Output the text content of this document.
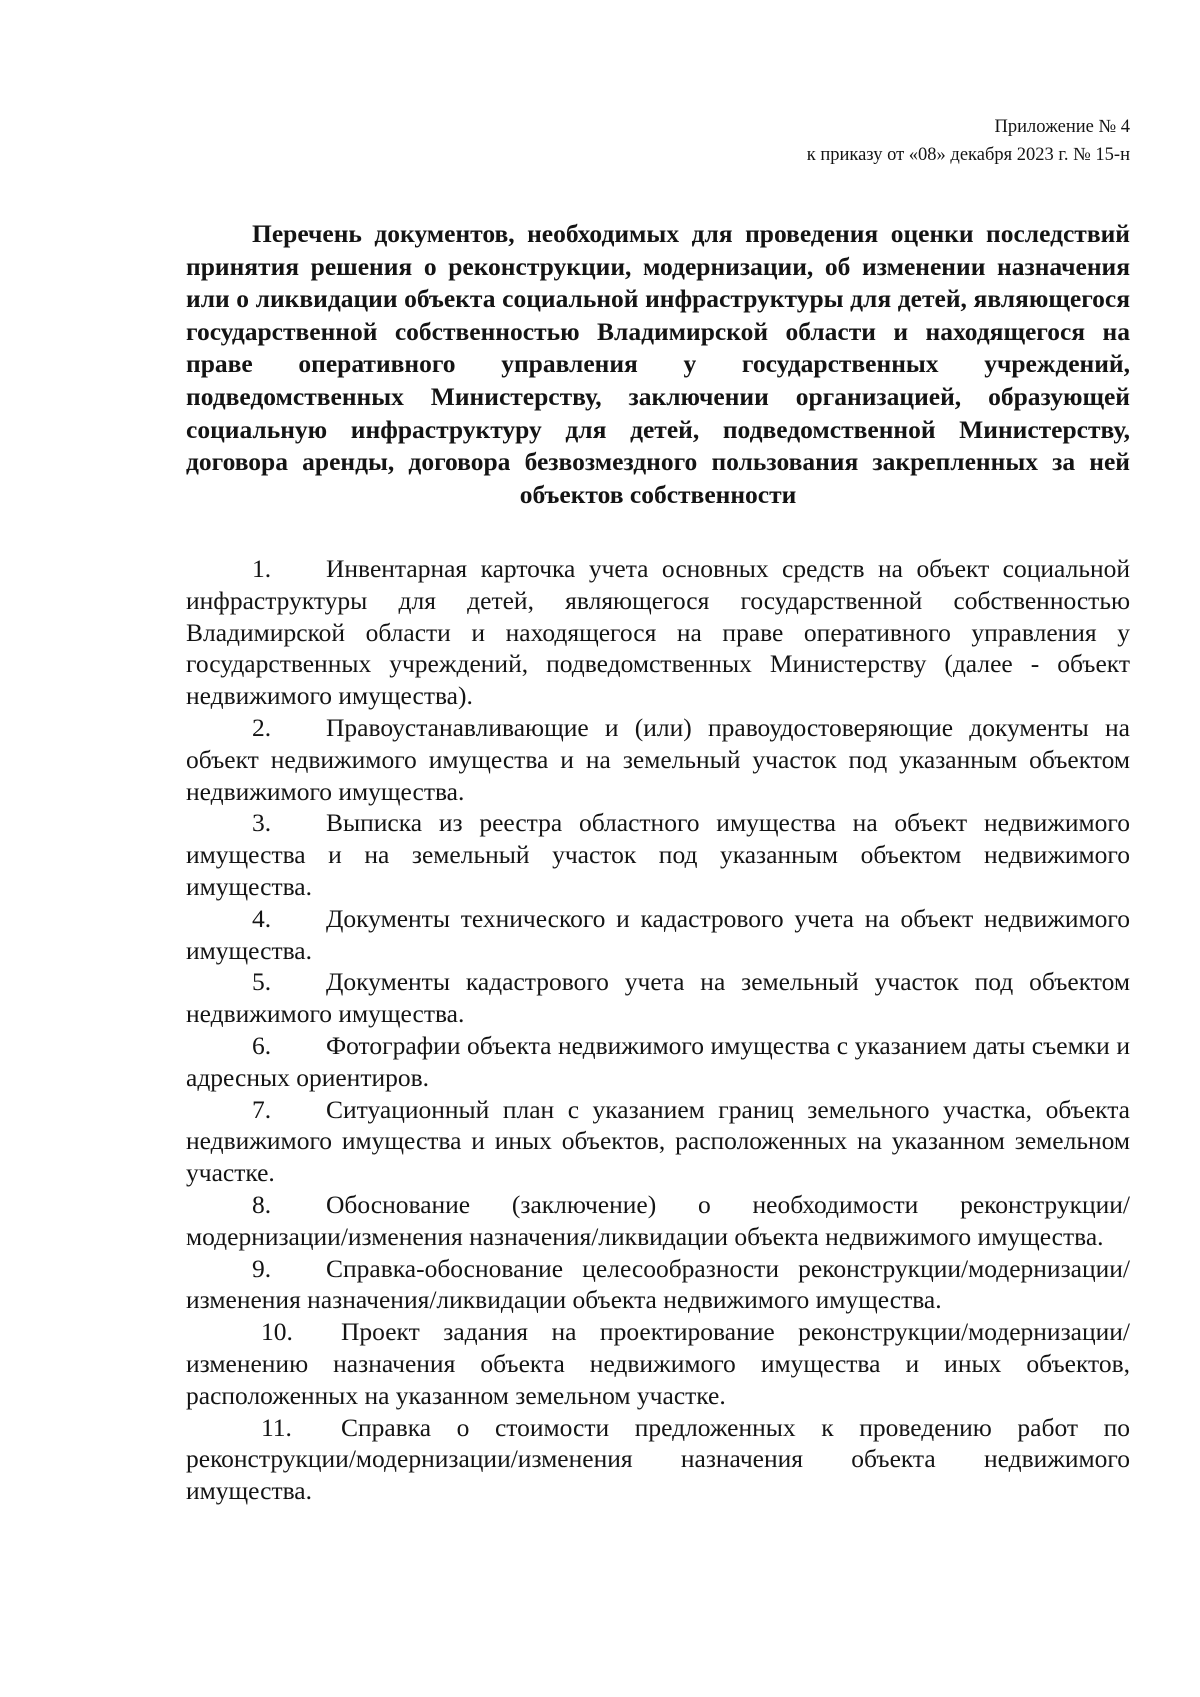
Приложение № 4
к приказу от «08» декабря 2023 г. № 15-н
Перечень документов, необходимых для проведения оценки последствий принятия решения о реконструкции, модернизации, об изменении назначения или о ликвидации объекта социальной инфраструктуры для детей, являющегося государственной собственностью Владимирской области и находящегося на праве оперативного управления у государственных учреждений, подведомственных Министерству, заключении организацией, образующей социальную инфраструктуру для детей, подведомственной Министерству, договора аренды, договора безвозмездного пользования закрепленных за ней объектов собственности
1. Инвентарная карточка учета основных средств на объект социальной инфраструктуры для детей, являющегося государственной собственностью Владимирской области и находящегося на праве оперативного управления у государственных учреждений, подведомственных Министерству (далее - объект недвижимого имущества).
2. Правоустанавливающие и (или) правоудостоверяющие документы на объект недвижимого имущества и на земельный участок под указанным объектом недвижимого имущества.
3. Выписка из реестра областного имущества на объект недвижимого имущества и на земельный участок под указанным объектом недвижимого имущества.
4. Документы технического и кадастрового учета на объект недвижимого имущества.
5. Документы кадастрового учета на земельный участок под объектом недвижимого имущества.
6. Фотографии объекта недвижимого имущества с указанием даты съемки и адресных ориентиров.
7. Ситуационный план с указанием границ земельного участка, объекта недвижимого имущества и иных объектов, расположенных на указанном земельном участке.
8. Обоснование (заключение) о необходимости реконструкции/модернизации/изменения назначения/ликвидации объекта недвижимого имущества.
9. Справка-обоснование целесообразности реконструкции/модернизации/изменения назначения/ликвидации объекта недвижимого имущества.
10. Проект задания на проектирование реконструкции/модернизации/изменению назначения объекта недвижимого имущества и иных объектов, расположенных на указанном земельном участке.
11. Справка о стоимости предложенных к проведению работ по реконструкции/модернизации/изменения назначения объекта недвижимого имущества.
